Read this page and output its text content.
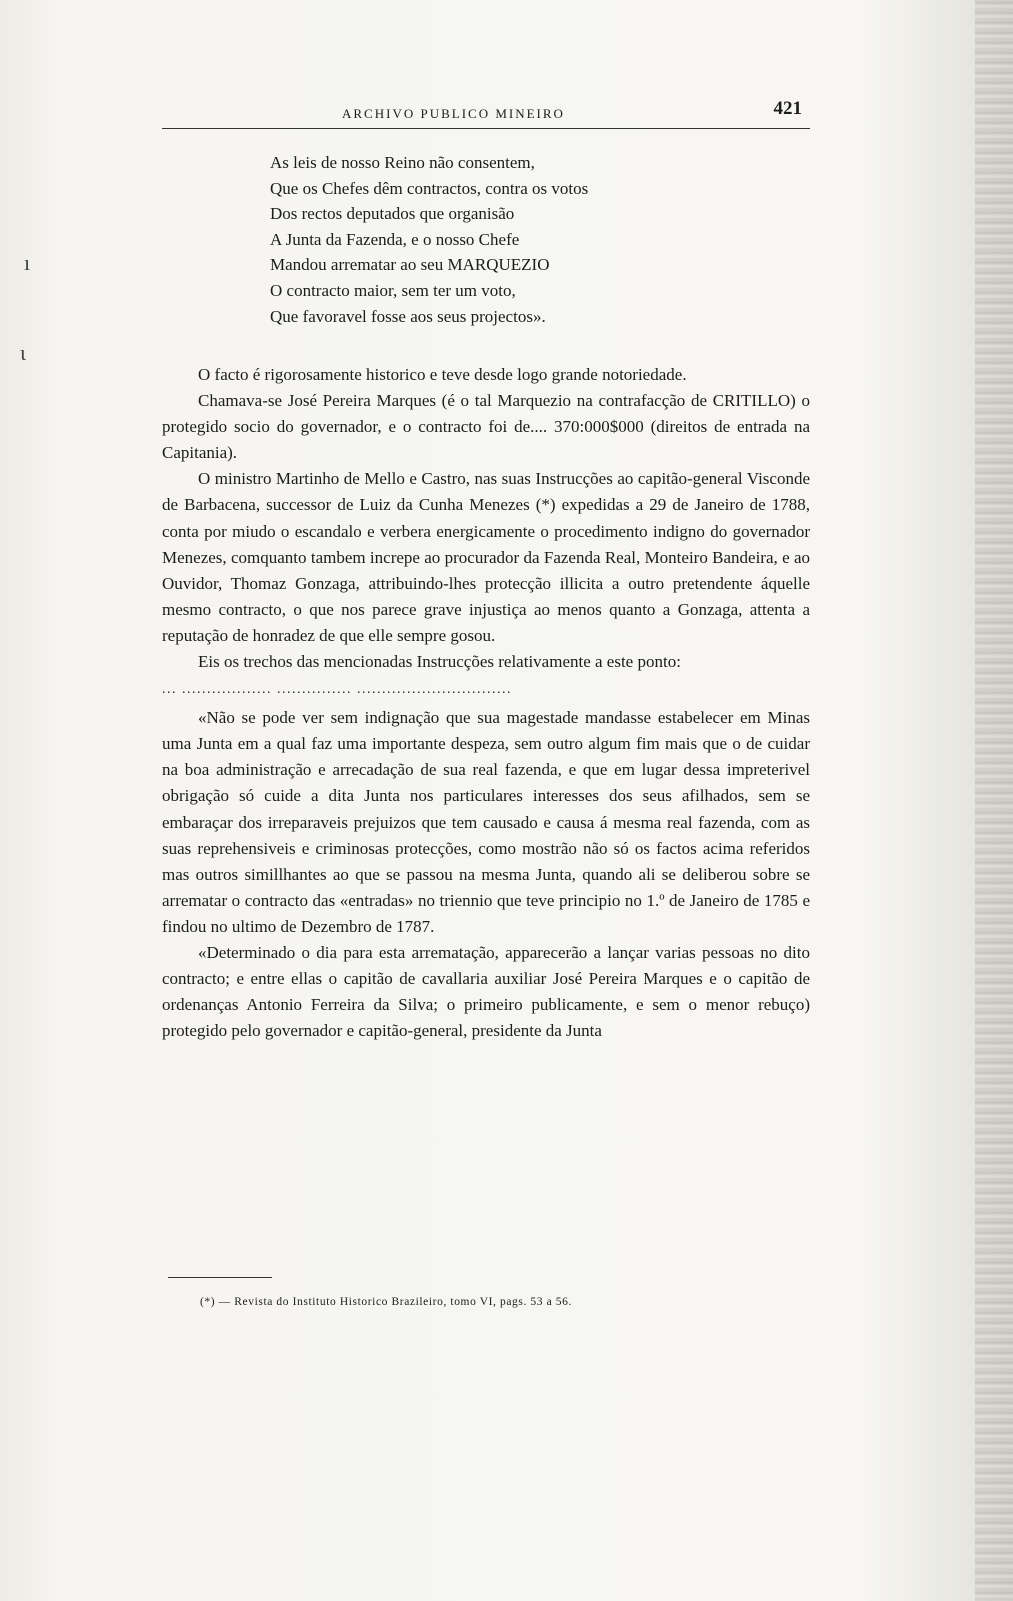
ı
ɩ
ARCHIVO PUBLICO MINEIRO	421
As leis de nosso Reino não consentem,
Que os Chefes dêm contractos, contra os votos
Dos rectos deputados que organisão
A Junta da Fazenda, e o nosso Chefe
Mandou arrematar ao seu MARQUEZIO
O contracto maior, sem ter um voto,
Que favoravel fosse aos seus projectos».

O facto é rigorosamente historico e teve desde logo grande notoriedade.

Chamava-se José Pereira Marques (é o tal Marquezio na contrafacção de CRITILLO) o protegido socio do governador, e o contracto foi de.... 370:000$000 (direitos de entrada na Capitania).

O ministro Martinho de Mello e Castro, nas suas Instrucções ao capitão-general Visconde de Barbacena, successor de Luiz da Cunha Menezes (*) expedidas a 29 de Janeiro de 1788, conta por miudo o escandalo e verbera energicamente o procedimento indigno do governador Menezes, comquanto tambem increpe ao procurador da Fazenda Real, Monteiro Bandeira, e ao Ouvidor, Thomaz Gonzaga, attribuindo-lhes protecção illicita a outro pretendente áquelle mesmo contracto, o que nos parece grave injustiça ao menos quanto a Gonzaga, attenta a reputação de honradez de que elle sempre gosou.

Eis os trechos das mencionadas Instrucções relativamente a este ponto:

... .................. ............... ...............................

«Não se pode ver sem indignação que sua magestade mandasse estabelecer em Minas uma Junta em a qual faz uma importante despeza, sem outro algum fim mais que o de cuidar na boa administração e arrecadação de sua real fazenda, e que em lugar dessa impreterivel obrigação só cuide a dita Junta nos particulares interesses dos seus afilhados, sem se embaraçar dos irreparaveis prejuizos que tem causado e causa á mesma real fazenda, com as suas reprehensiveis e criminosas protecções, como mostrão não só os factos acima referidos mas outros simillhantes ao que se passou na mesma Junta, quando ali se deliberou sobre se arrematar o contracto das «entradas» no triennio que teve principio no 1.º de Janeiro de 1785 e findou no ultimo de Dezembro de 1787.

«Determinado o dia para esta arrematação, apparecerão a lançar varias pessoas no dito contracto; e entre ellas o capitão de cavallaria auxiliar José Pereira Marques e o capitão de ordenanças Antonio Ferreira da Silva; o primeiro publicamente, e sem o menor rebuço) protegido pelo governador e capitão-general, presidente da Junta

(*) — Revista do Instituto Historico Brazileiro, tomo VI, pags. 53 a 56.
